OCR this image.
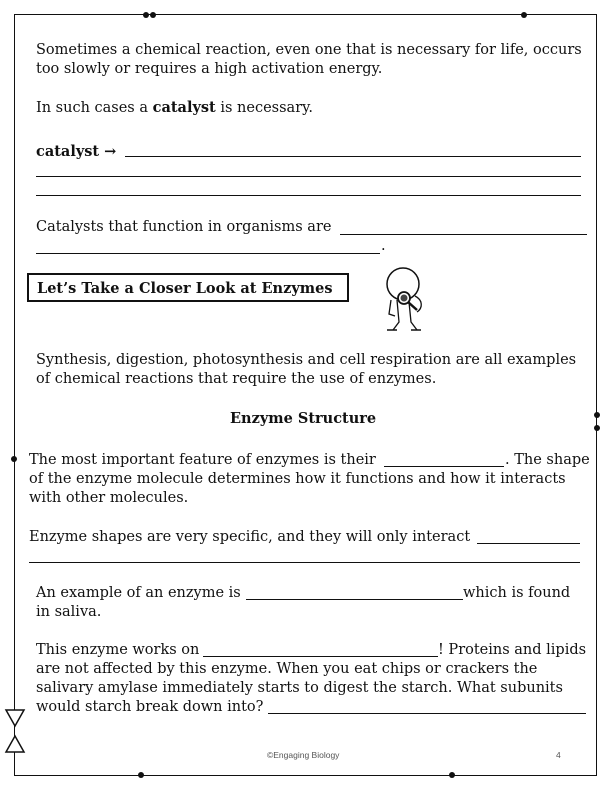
Sometimes a chemical reaction, even one that is necessary for life, occurs
too slowly or requires a high activation energy.
In such cases a catalyst is necessary.
catalyst →
Catalysts that function in organisms are
.
Let’s Take a Closer Look at Enzymes
Synthesis, digestion, photosynthesis and cell respiration are all examples
of chemical reactions that require the use of enzymes.
Enzyme Structure
The most important feature of enzymes is their	. The shape
of the enzyme molecule determines how it functions and how it interacts
with other molecules.
Enzyme shapes are very specific, and they will only interact
An example of an enzyme is	which is found
in saliva.
This enzyme works on	! Proteins and lipids
are not affected by this enzyme. When you eat chips or crackers the
salivary amylase immediately starts to digest the starch. What subunits
would starch break down into?
©Engaging Biology	4
